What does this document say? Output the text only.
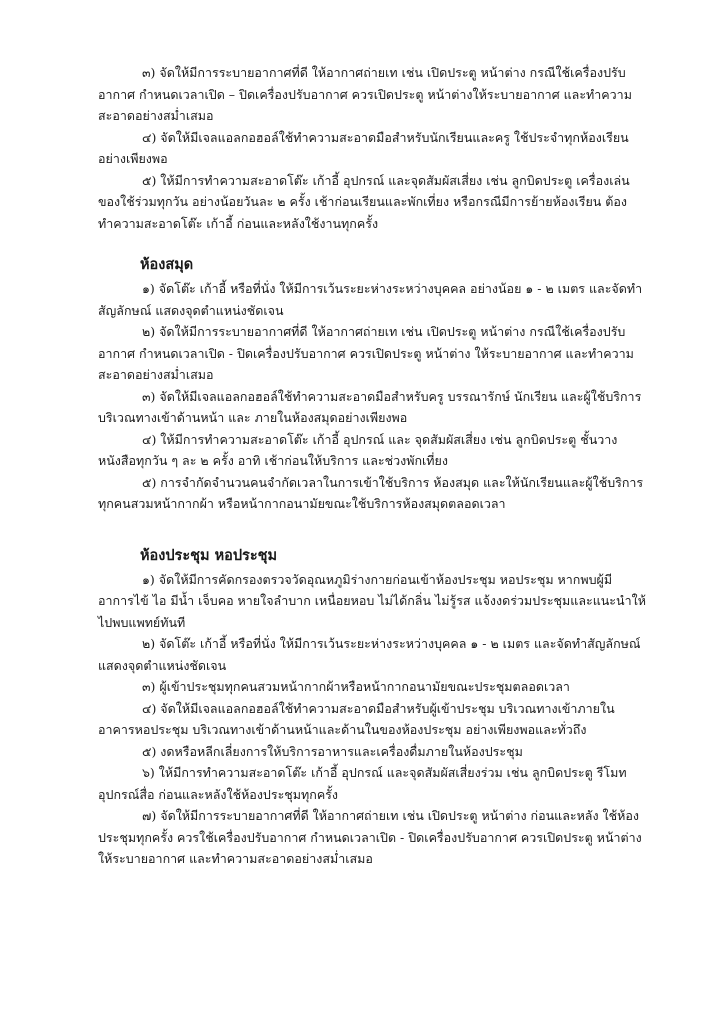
๓) จัดให้มีการระบายอากาศที่ดี ให้อากาศถ่ายเท เช่น เปิดประตู หน้าต่าง กรณีใช้เครื่องปรับอากาศ กำหนดเวลาเปิด – ปิดเครื่องปรับอากาศ ควรเปิดประตู หน้าต่างให้ระบายอากาศ และทำความสะอาดอย่างสม่ำเสมอ

๔) จัดให้มีเจลแอลกอฮอล์ใช้ทำความสะอาดมือสำหรับนักเรียนและครู ใช้ประจำทุกห้องเรียนอย่างเพียงพอ

๕) ให้มีการทำความสะอาดโต๊ะ เก้าอี้ อุปกรณ์ และจุดสัมผัสเสี่ยง เช่น ลูกบิดประตู เครื่องเล่น ของใช้ร่วมทุกวัน อย่างน้อยวันละ ๒ ครั้ง เช้าก่อนเรียนและพักเที่ยง หรือกรณีมีการย้ายห้องเรียน ต้องทำความสะอาดโต๊ะ เก้าอี้ ก่อนและหลังใช้งานทุกครั้ง

ห้องสมุด

๑) จัดโต๊ะ เก้าอี้ หรือที่นั่ง ให้มีการเว้นระยะห่างระหว่างบุคคล อย่างน้อย ๑ - ๒ เมตร และจัดทำสัญลักษณ์ แสดงจุดตำแหน่งชัดเจน

๒) จัดให้มีการระบายอากาศที่ดี ให้อากาศถ่ายเท เช่น เปิดประตู หน้าต่าง กรณีใช้เครื่องปรับอากาศ กำหนดเวลาเปิด - ปิดเครื่องปรับอากาศ ควรเปิดประตู หน้าต่าง ให้ระบายอากาศ และทำความสะอาดอย่างสม่ำเสมอ

๓) จัดให้มีเจลแอลกอฮอล์ใช้ทำความสะอาดมือสำหรับครู บรรณารักษ์ นักเรียน และผู้ใช้บริการ บริเวณทางเข้าด้านหน้า และ ภายในห้องสมุดอย่างเพียงพอ

๔) ให้มีการทำความสะอาดโต๊ะ เก้าอี้ อุปกรณ์ และ จุดสัมผัสเสี่ยง เช่น ลูกบิดประตู ชั้นวางหนังสือทุกวัน ๆ ละ ๒ ครั้ง อาทิ เช้าก่อนให้บริการ และช่วงพักเที่ยง

๕) การจำกัดจำนวนคนจำกัดเวลาในการเข้าใช้บริการ ห้องสมุด และให้นักเรียนและผู้ใช้บริการทุกคนสวมหน้ากากผ้า หรือหน้ากากอนามัยขณะใช้บริการห้องสมุดตลอดเวลา

ห้องประชุม หอประชุม

๑) จัดให้มีการคัดกรองตรวจวัดอุณหภูมิร่างกายก่อนเข้าห้องประชุม หอประชุม หากพบผู้มีอาการไข้ ไอ มีน้ำ เจ็บคอ หายใจลำบาก เหนื่อยหอบ ไม่ได้กลิ่น ไม่รู้รส แจ้งงดร่วมประชุมและแนะนำให้ไปพบแพทย์ทันที

๒) จัดโต๊ะ เก้าอี้ หรือที่นั่ง ให้มีการเว้นระยะห่างระหว่างบุคคล ๑ - ๒ เมตร และจัดทำสัญลักษณ์แสดงจุดตำแหน่งชัดเจน

๓) ผู้เข้าประชุมทุกคนสวมหน้ากากผ้าหรือหน้ากากอนามัยขณะประชุมตลอดเวลา

๔) จัดให้มีเจลแอลกอฮอล์ใช้ทำความสะอาดมือสำหรับผู้เข้าประชุม บริเวณทางเข้าภายในอาคารหอประชุม บริเวณทางเข้าด้านหน้าและด้านในของห้องประชุม อย่างเพียงพอและทั่วถึง

๕) งดหรือหลีกเลี่ยงการให้บริการอาหารและเครื่องดื่มภายในห้องประชุม

๖) ให้มีการทำความสะอาดโต๊ะ เก้าอี้ อุปกรณ์ และจุดสัมผัสเสี่ยงร่วม เช่น ลูกบิดประตู รีโมทอุปกรณ์สื่อ ก่อนและหลังใช้ห้องประชุมทุกครั้ง

๗) จัดให้มีการระบายอากาศที่ดี ให้อากาศถ่ายเท เช่น เปิดประตู หน้าต่าง ก่อนและหลัง ใช้ห้องประชุมทุกครั้ง ควรใช้เครื่องปรับอากาศ กำหนดเวลาเปิด - ปิดเครื่องปรับอากาศ ควรเปิดประตู หน้าต่างให้ระบายอากาศ และทำความสะอาดอย่างสม่ำเสมอ
